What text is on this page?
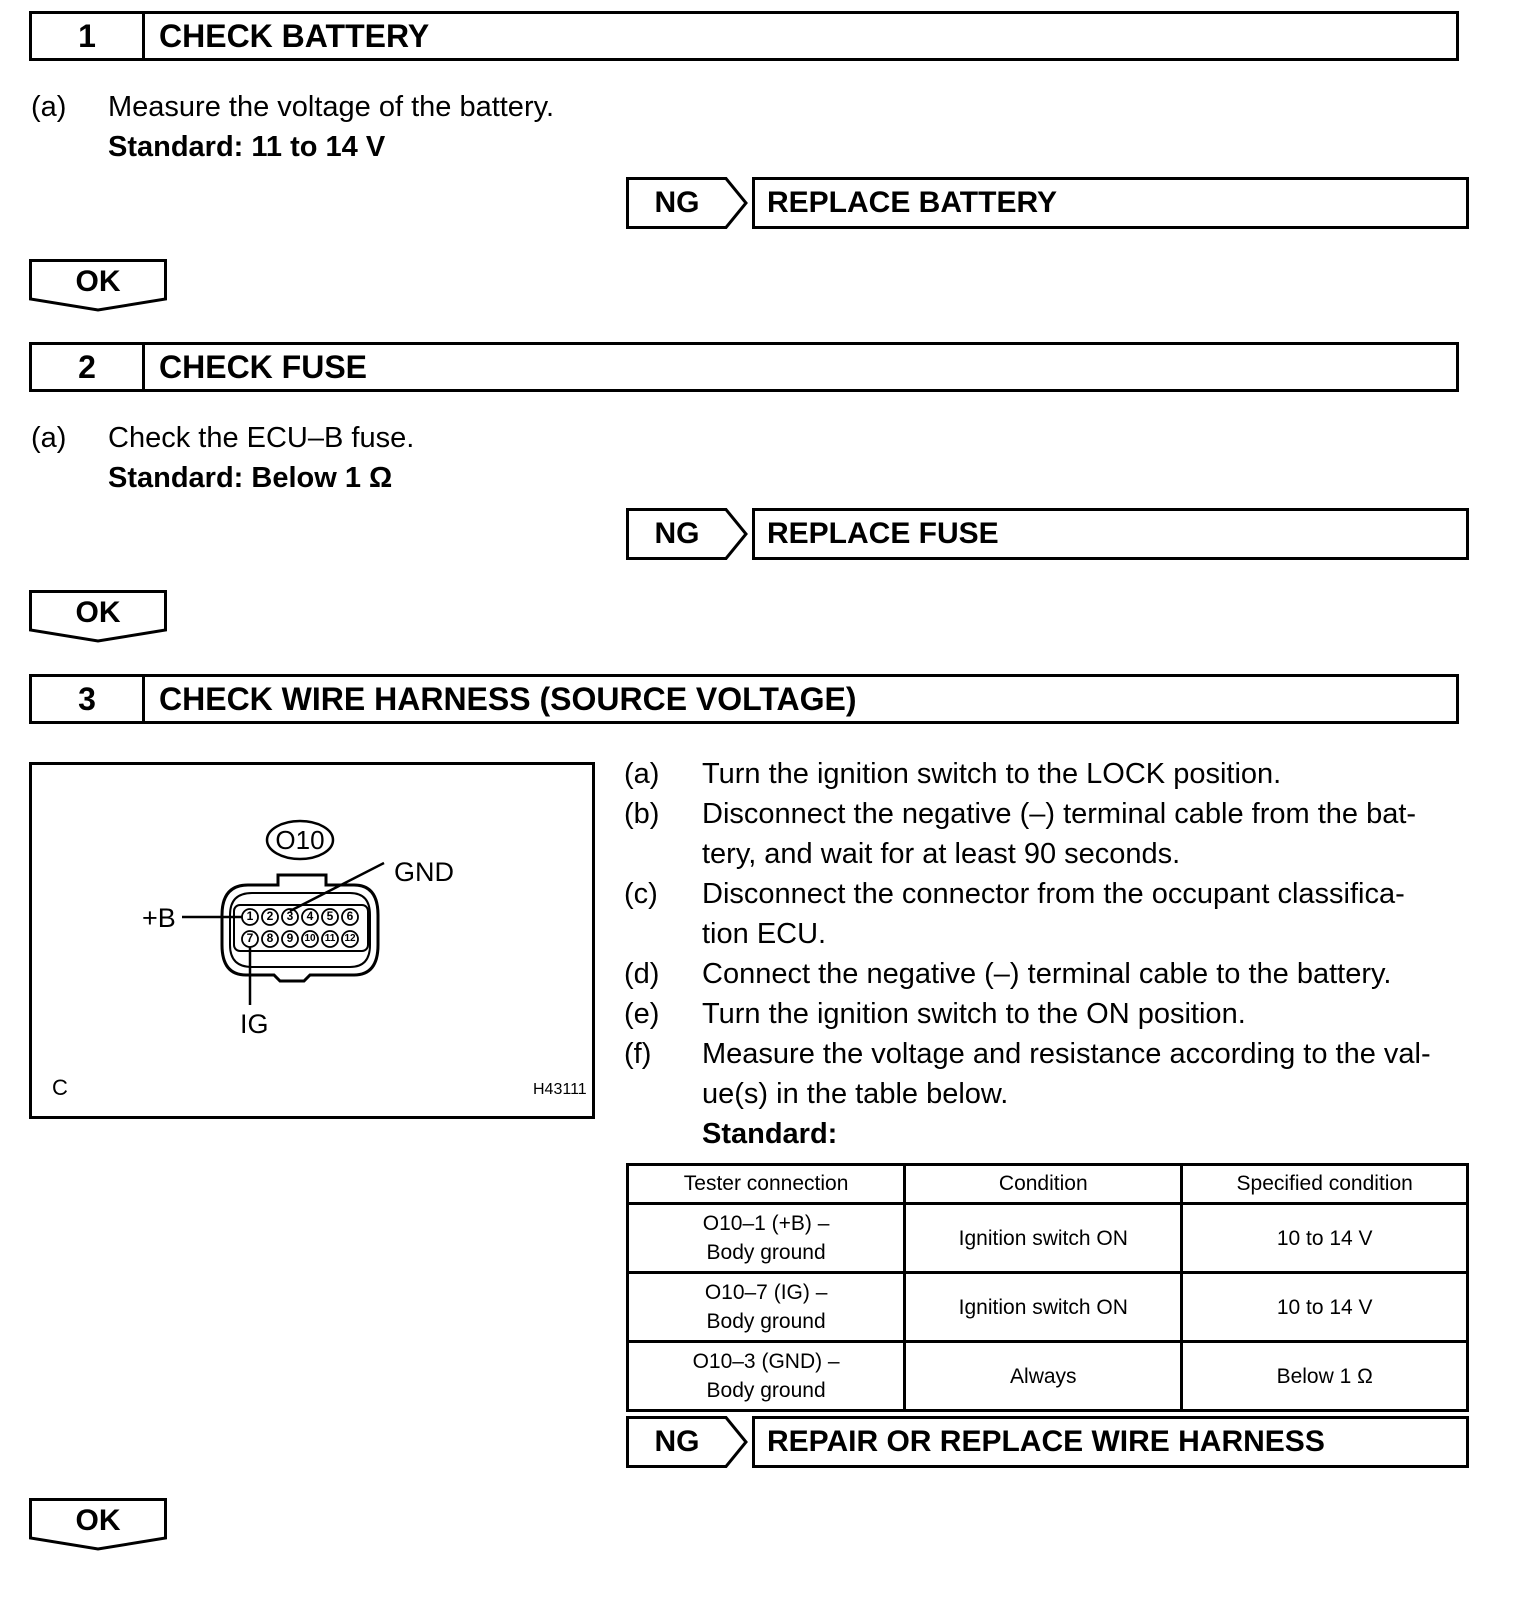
1	CHECK BATTERY
(a)	Measure the voltage of the battery.
Standard: 11 to 14 V
NG	REPLACE BATTERY
OK
2	CHECK FUSE
(a)	Check the ECU–B fuse.
Standard: Below 1 Ω
NG	REPLACE FUSE
OK
3	CHECK WIRE HARNESS (SOURCE VOLTAGE)
1 2 3 4 5 6
7 8 9 10 11 12
O10
GND
+B
IG
C	H43111
(a)	Turn the ignition switch to the LOCK position.
(b)	Disconnect the negative (–) terminal cable from the bat-
tery, and wait for at least 90 seconds.
(c)	Disconnect the connector from the occupant classifica-
tion ECU.
(d)	Connect the negative (–) terminal cable to the battery.
(e)	Turn the ignition switch to the ON position.
(f)	Measure the voltage and resistance according to the val-
ue(s) in the table below.
Standard:
Tester connection	Condition	Specified condition

O10–1 (+B) –
Body ground	Ignition switch ON	10 to 14 V

O10–7 (IG) –
Body ground	Ignition switch ON	10 to 14 V

O10–3 (GND) –
Body ground	Always	Below 1 Ω
NG	REPAIR OR REPLACE WIRE HARNESS
OK
